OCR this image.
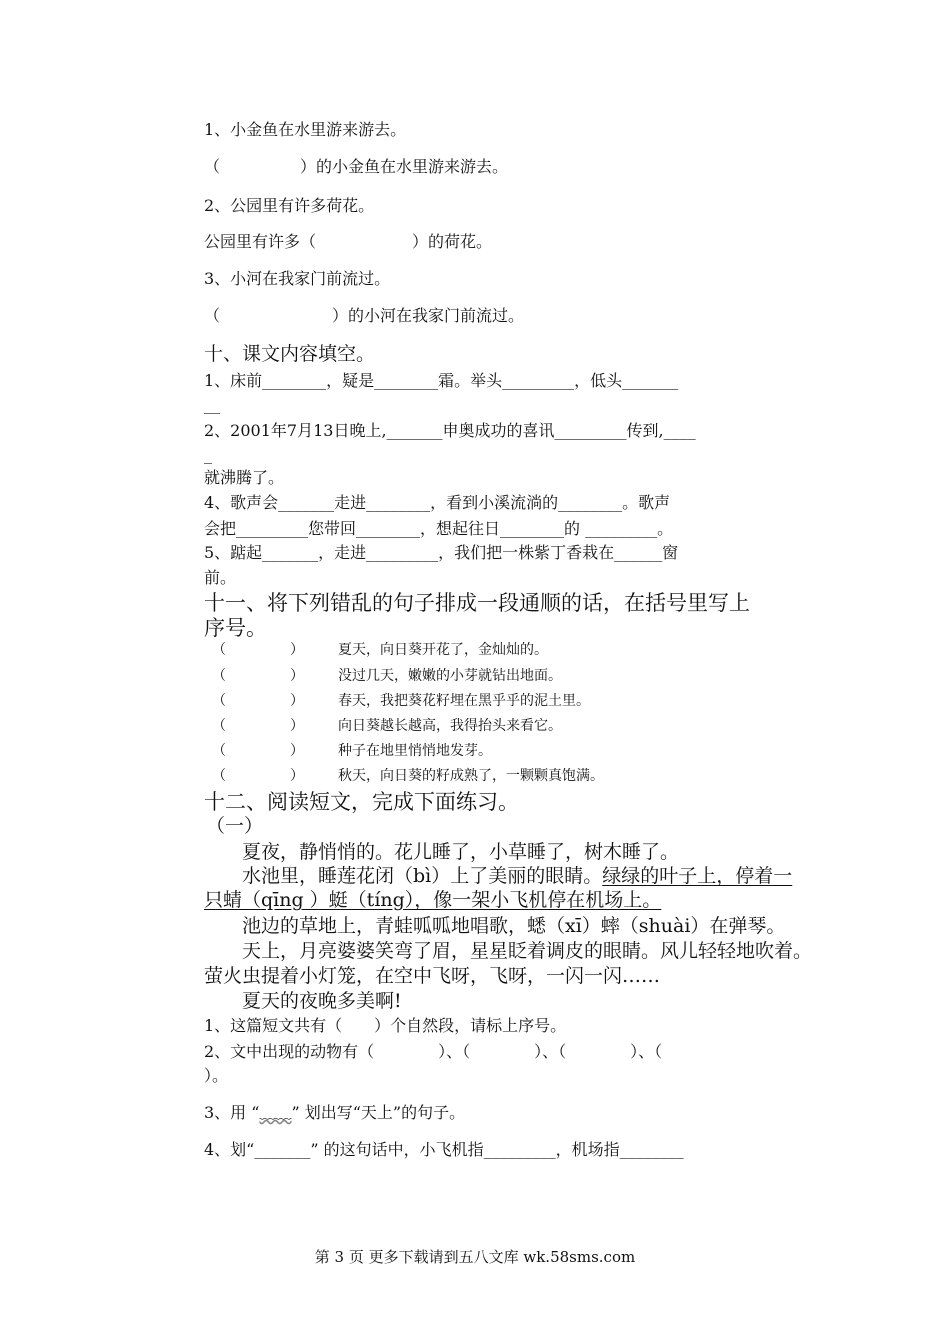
1、小金鱼在水里游来游去。
（　　　　　）的小金鱼在水里游来游去。
2、公园里有许多荷花。
公园里有许多（　　　　　　）的荷花。
3、小河在我家门前流过。
（　　　　　　　）的小河在我家门前流过。
十、课文内容填空。
1、床前________，疑是________霜。举头_________，低头_______
__
2、2001年7月13日晚上,_______申奥成功的喜讯_________传到,____
_
就沸腾了。
4、歌声会_______走进________，看到小溪流淌的________。歌声
会把_________您带回________，想起往日________的 _________。
5、踮起_______，走进_________，我们把一株紫丁香栽在______窗
前。
十一、将下列错乱的句子排成一段通顺的话，在括号里写上
序号。
（	） 夏天，向日葵开花了，金灿灿的。
（	） 没过几天，嫩嫩的小芽就钻出地面。
（	） 春天，我把葵花籽埋在黑乎乎的泥土里。
（	） 向日葵越长越高，我得抬头来看它。
（	） 种子在地里悄悄地发芽。
（	） 秋天，向日葵的籽成熟了，一颗颗真饱满。
十二、阅读短文，完成下面练习。
（一）
夏夜，静悄悄的。花儿睡了，小草睡了，树木睡了。
水池里，睡莲花闭（bì）上了美丽的眼睛。绿绿的叶子上，停着一
只蜻（qīng ）蜓（tíng），像一架小飞机停在机场上。
池边的草地上，青蛙呱呱地唱歌，蟋（xī）蟀（shuài）在弹琴。
天上，月亮婆婆笑弯了眉，星星眨着调皮的眼睛。风儿轻轻地吹着。
萤火虫提着小灯笼，在空中飞呀，飞呀，一闪一闪……
夏天的夜晚多美啊!
1、这篇短文共有（　　）个自然段，请标上序号。
2、文中出现的动物有（　　　　）、（　　　　）、（　　　　）、（
）。
3、用 “﹏﹏” 划出写“天上”的句子。
4、划“_______” 的这句话中，小飞机指_________，机场指________
第 3 页 更多下载请到五八文库 wk.58sms.com
